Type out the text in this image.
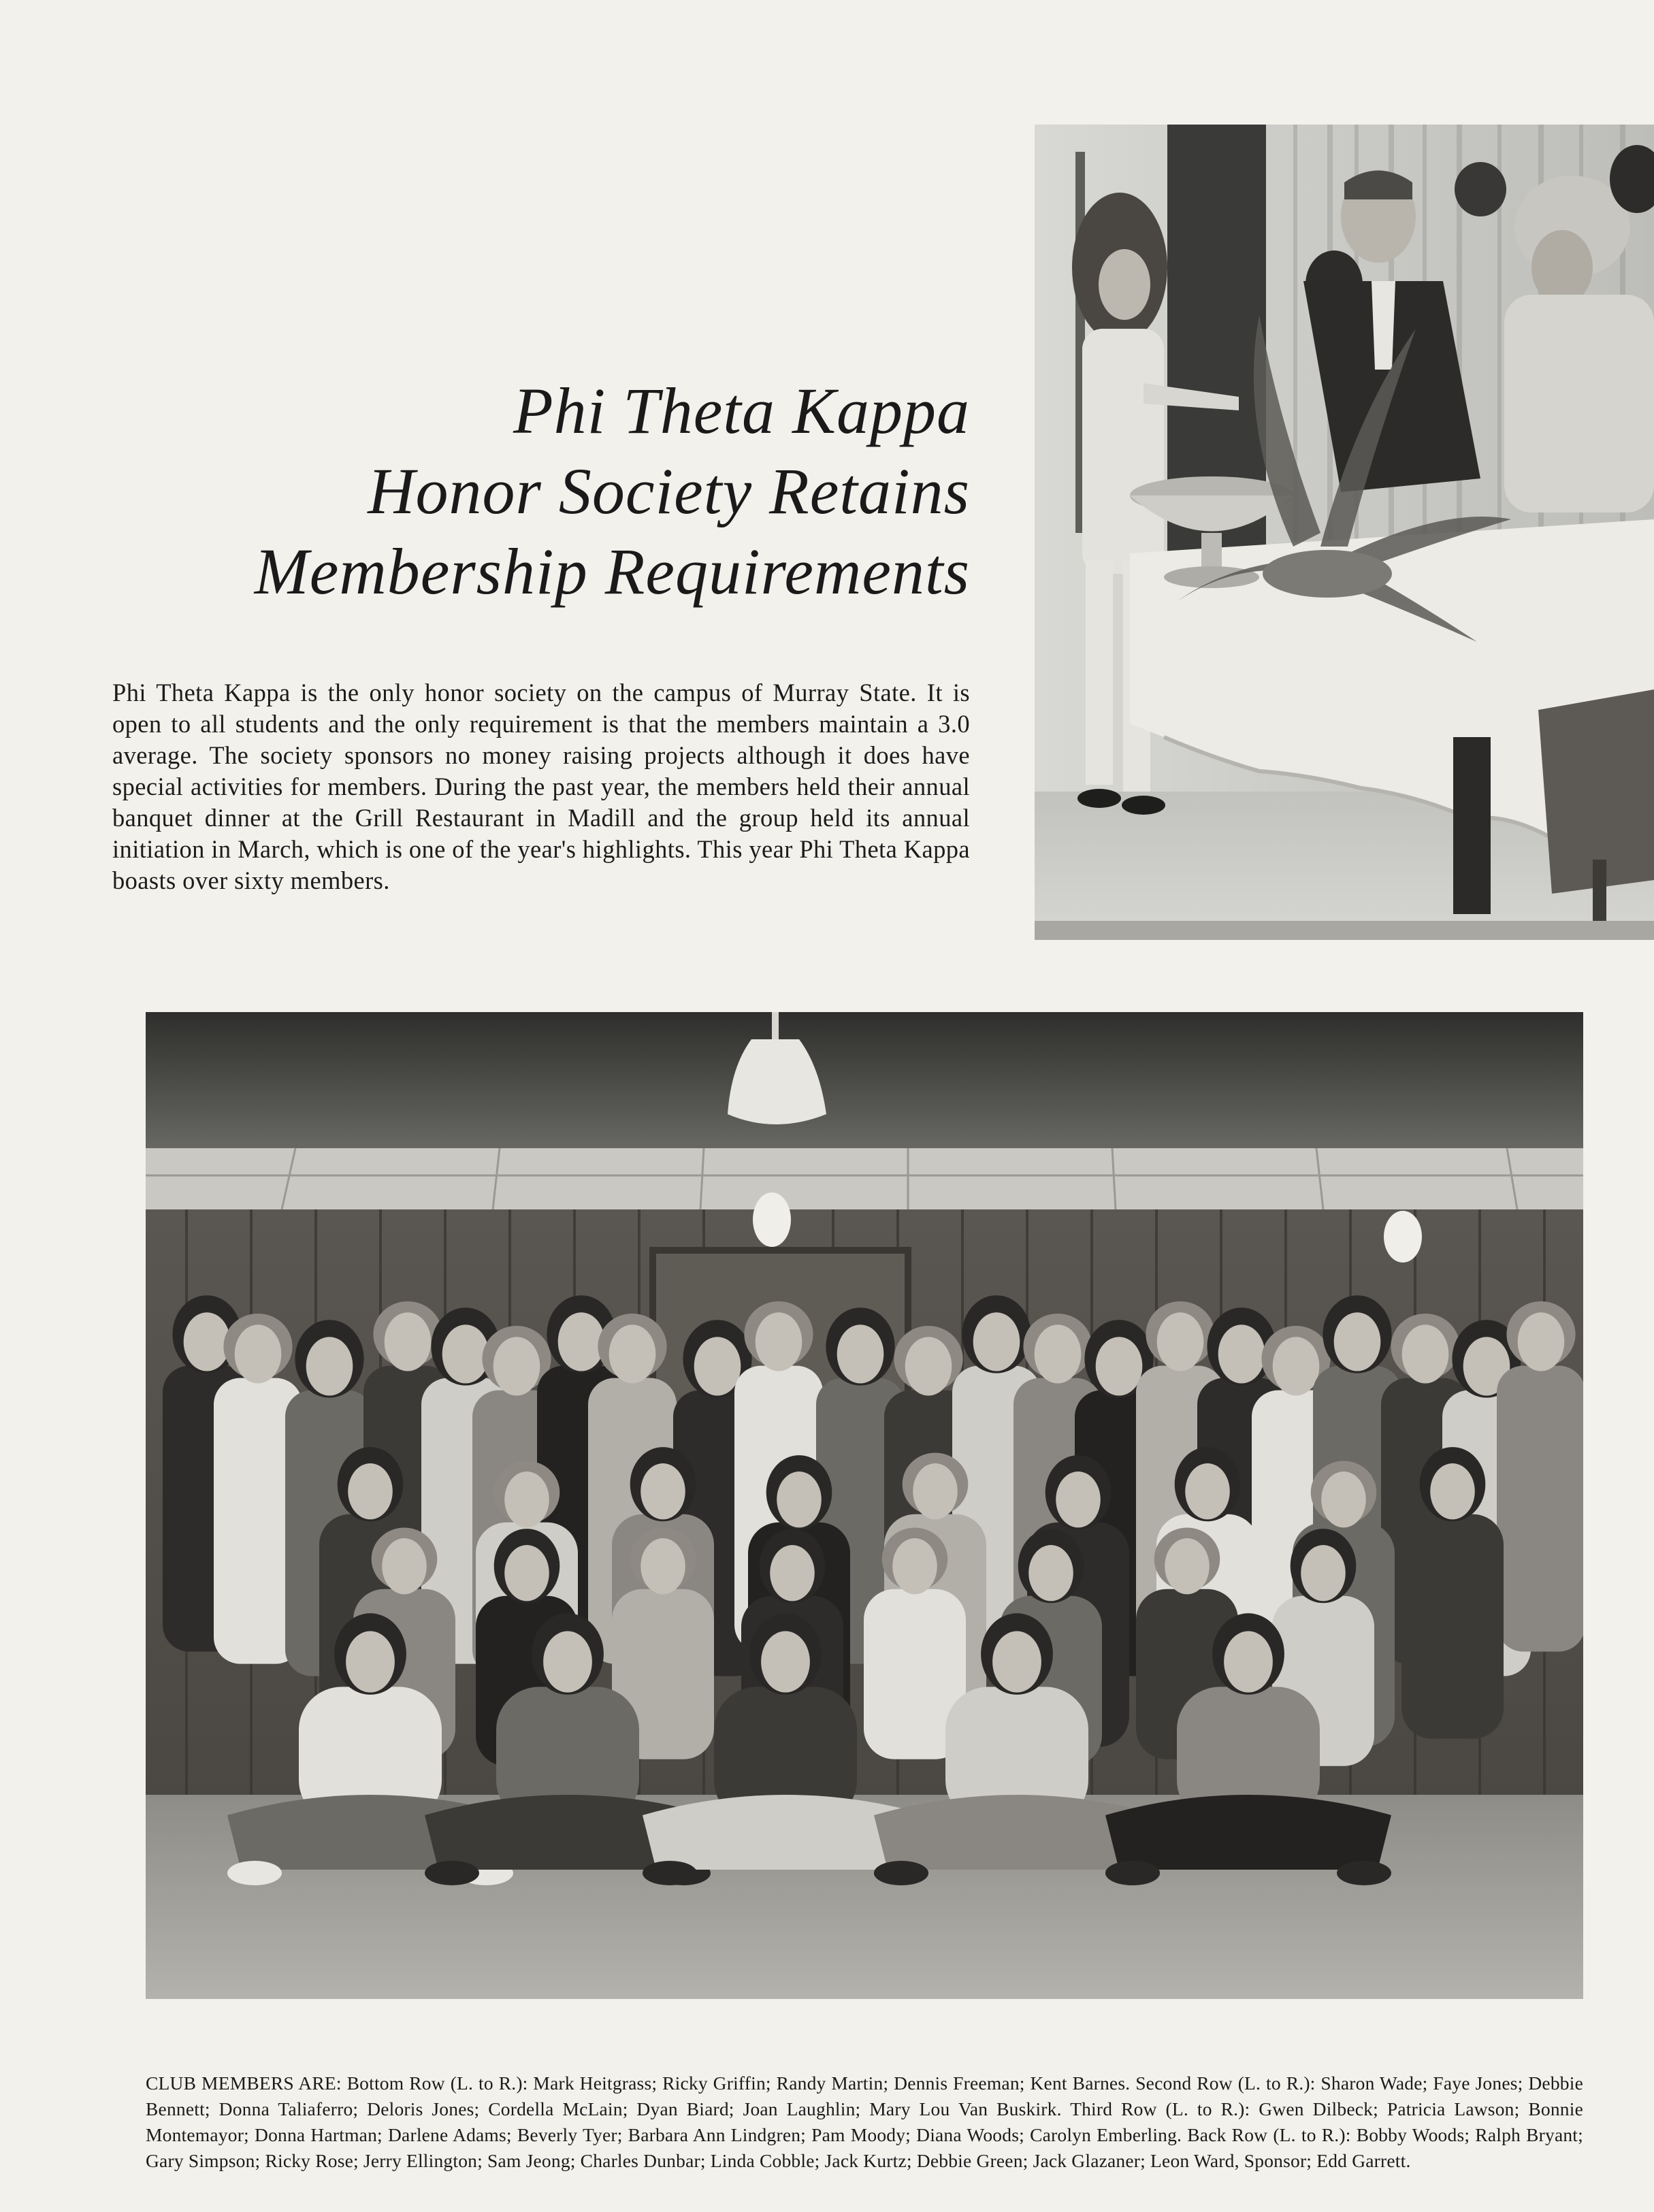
Phi Theta Kappa
Honor Society Retains
Membership Requirements

Phi Theta Kappa is the only honor society on the campus of Murray State. It is open to all students and the only requirement is that the members maintain a 3.0 average. The society sponsors no money raising projects although it does have special activities for members. During the past year, the members held their annual banquet dinner at the Grill Restaurant in Madill and the group held its annual initiation in March, which is one of the year's highlights. This year Phi Theta Kappa boasts over sixty members.

CLUB MEMBERS ARE: Bottom Row (L. to R.): Mark Heitgrass; Ricky Griffin; Randy Martin; Dennis Freeman; Kent Barnes. Second Row (L. to R.): Sharon Wade; Faye Jones; Debbie Bennett; Donna Taliaferro; Deloris Jones; Cordella McLain; Dyan Biard; Joan Laughlin; Mary Lou Van Buskirk. Third Row (L. to R.): Gwen Dilbeck; Patricia Lawson; Bonnie Montemayor; Donna Hartman; Darlene Adams; Beverly Tyer; Barbara Ann Lindgren; Pam Moody; Diana Woods; Carolyn Emberling. Back Row (L. to R.): Bobby Woods; Ralph Bryant; Gary Simpson; Ricky Rose; Jerry Ellington; Sam Jeong; Charles Dunbar; Linda Cobble; Jack Kurtz; Debbie Green; Jack Glazaner; Leon Ward, Sponsor; Edd Garrett.
